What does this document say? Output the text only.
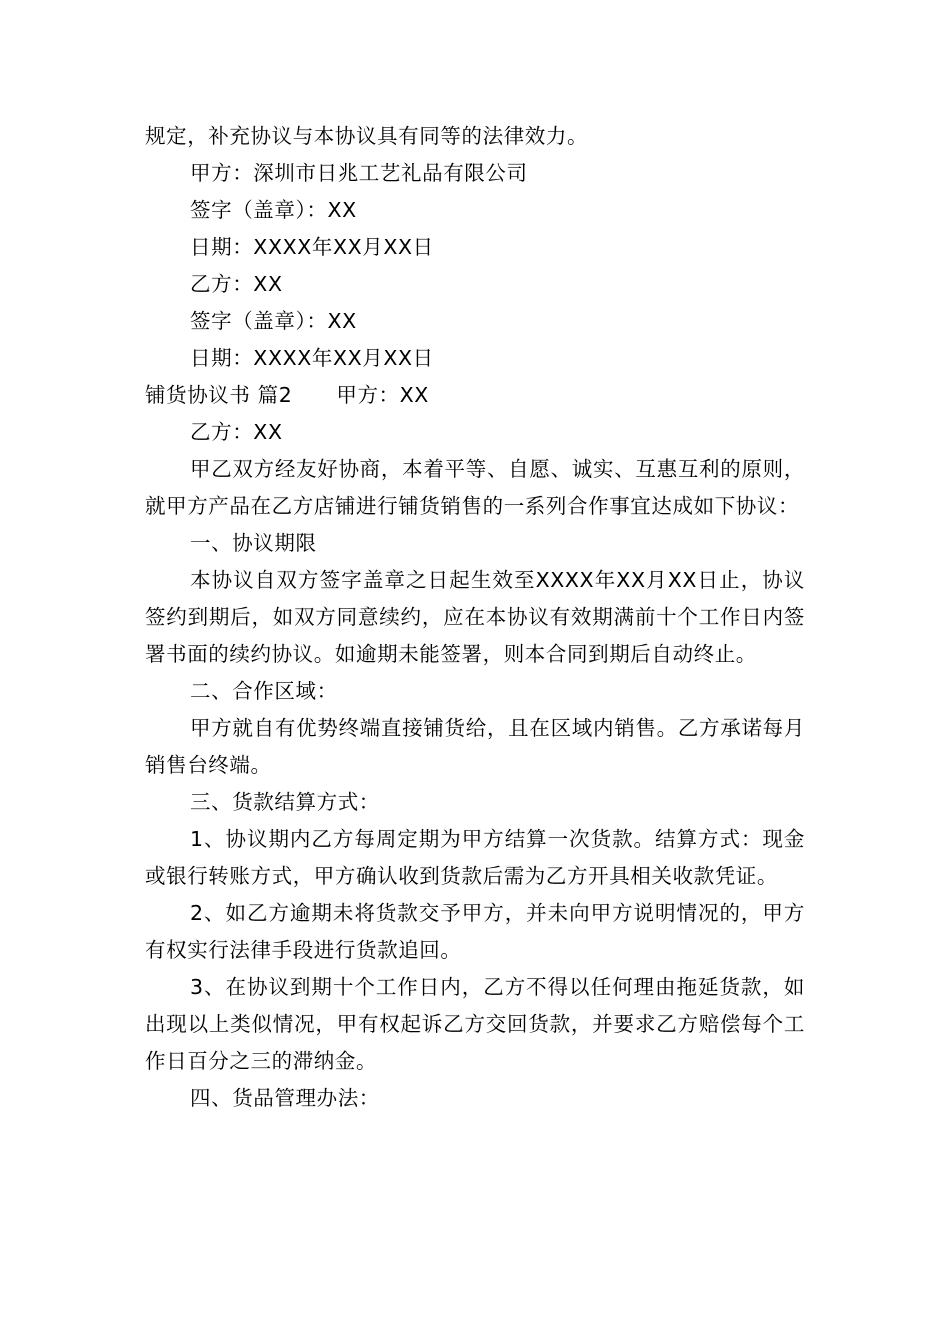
规定，补充协议与本协议具有同等的法律效力。

甲方：深圳市日兆工艺礼品有限公司

签字（盖章）：XX

日期：XXXX年XX月XX日

乙方：XX

签字（盖章）：XX

日期：XXXX年XX月XX日

铺货协议书 篇2 甲方：XX

乙方：XX

甲乙双方经友好协商，本着平等、自愿、诚实、互惠互利的原则，就甲方产品在乙方店铺进行铺货销售的一系列合作事宜达成如下协议：

一、协议期限

本协议自双方签字盖章之日起生效至XXXX年XX月XX日止，协议签约到期后，如双方同意续约，应在本协议有效期满前十个工作日内签署书面的续约协议。如逾期未能签署，则本合同到期后自动终止。

二、合作区域：

甲方就自有优势终端直接铺货给，且在区域内销售。乙方承诺每月销售台终端。

三、货款结算方式：

1、协议期内乙方每周定期为甲方结算一次货款。结算方式：现金或银行转账方式，甲方确认收到货款后需为乙方开具相关收款凭证。

2、如乙方逾期未将货款交予甲方，并未向甲方说明情况的，甲方有权实行法律手段进行货款追回。

3、在协议到期十个工作日内，乙方不得以任何理由拖延货款，如出现以上类似情况，甲有权起诉乙方交回货款，并要求乙方赔偿每个工作日百分之三的滞纳金。

四、货品管理办法：
